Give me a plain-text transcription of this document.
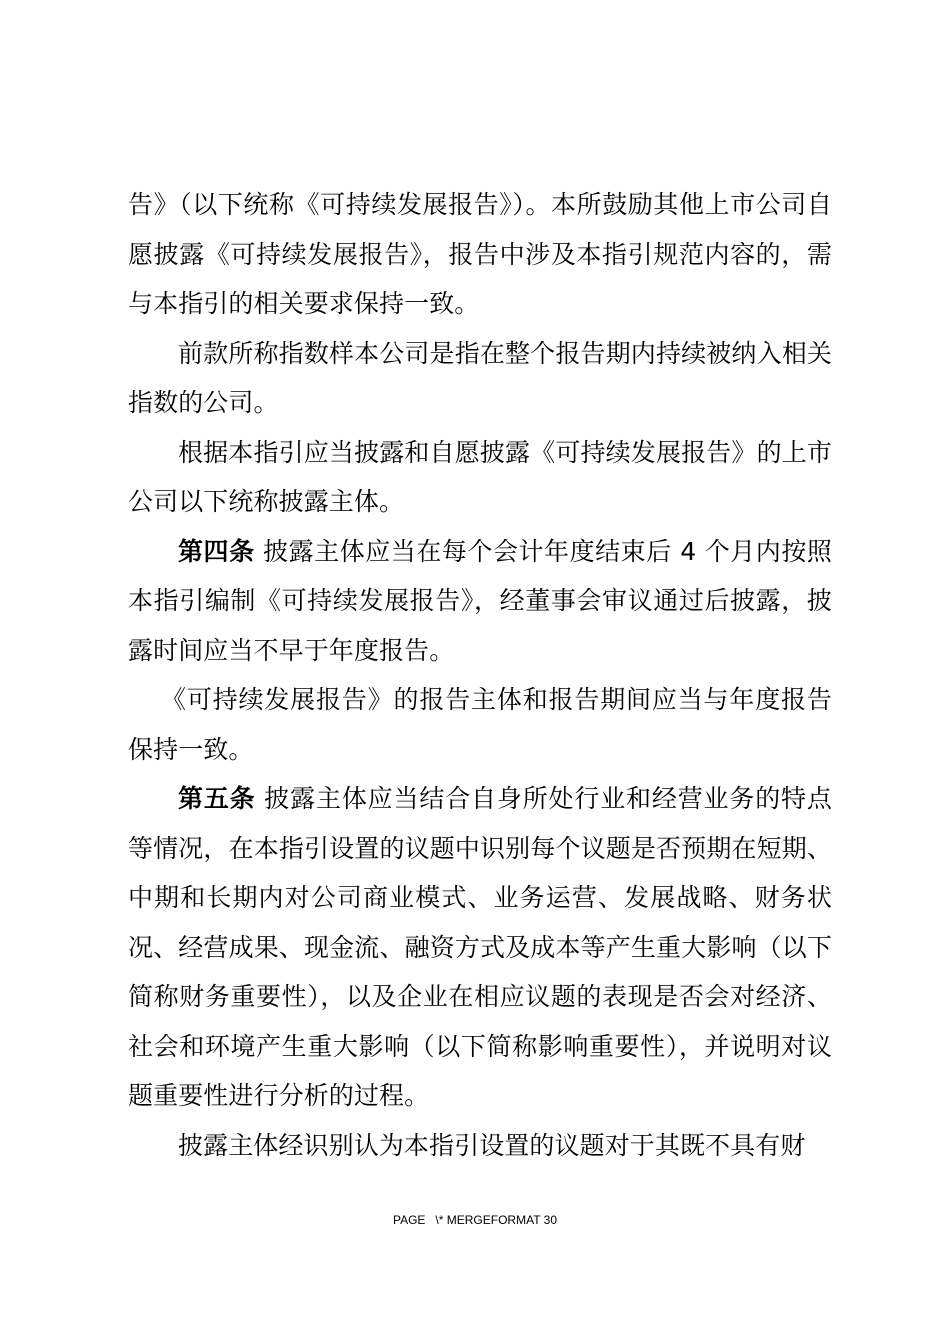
告》（以下统称《可持续发展报告》）。本所鼓励其他上市公司自愿披露《可持续发展报告》，报告中涉及本指引规范内容的，需与本指引的相关要求保持一致。

前款所称指数样本公司是指在整个报告期内持续被纳入相关指数的公司。

根据本指引应当披露和自愿披露《可持续发展报告》的上市公司以下统称披露主体。

第四条 披露主体应当在每个会计年度结束后 4 个月内按照本指引编制《可持续发展报告》，经董事会审议通过后披露，披露时间应当不早于年度报告。

《可持续发展报告》的报告主体和报告期间应当与年度报告保持一致。

第五条 披露主体应当结合自身所处行业和经营业务的特点等情况，在本指引设置的议题中识别每个议题是否预期在短期、中期和长期内对公司商业模式、业务运营、发展战略、财务状况、经营成果、现金流、融资方式及成本等产生重大影响（以下简称财务重要性），以及企业在相应议题的表现是否会对经济、社会和环境产生重大影响（以下简称影响重要性），并说明对议题重要性进行分析的过程。

披露主体经识别认为本指引设置的议题对于其既不具有财

PAGE   \* MERGEFORMAT 30
